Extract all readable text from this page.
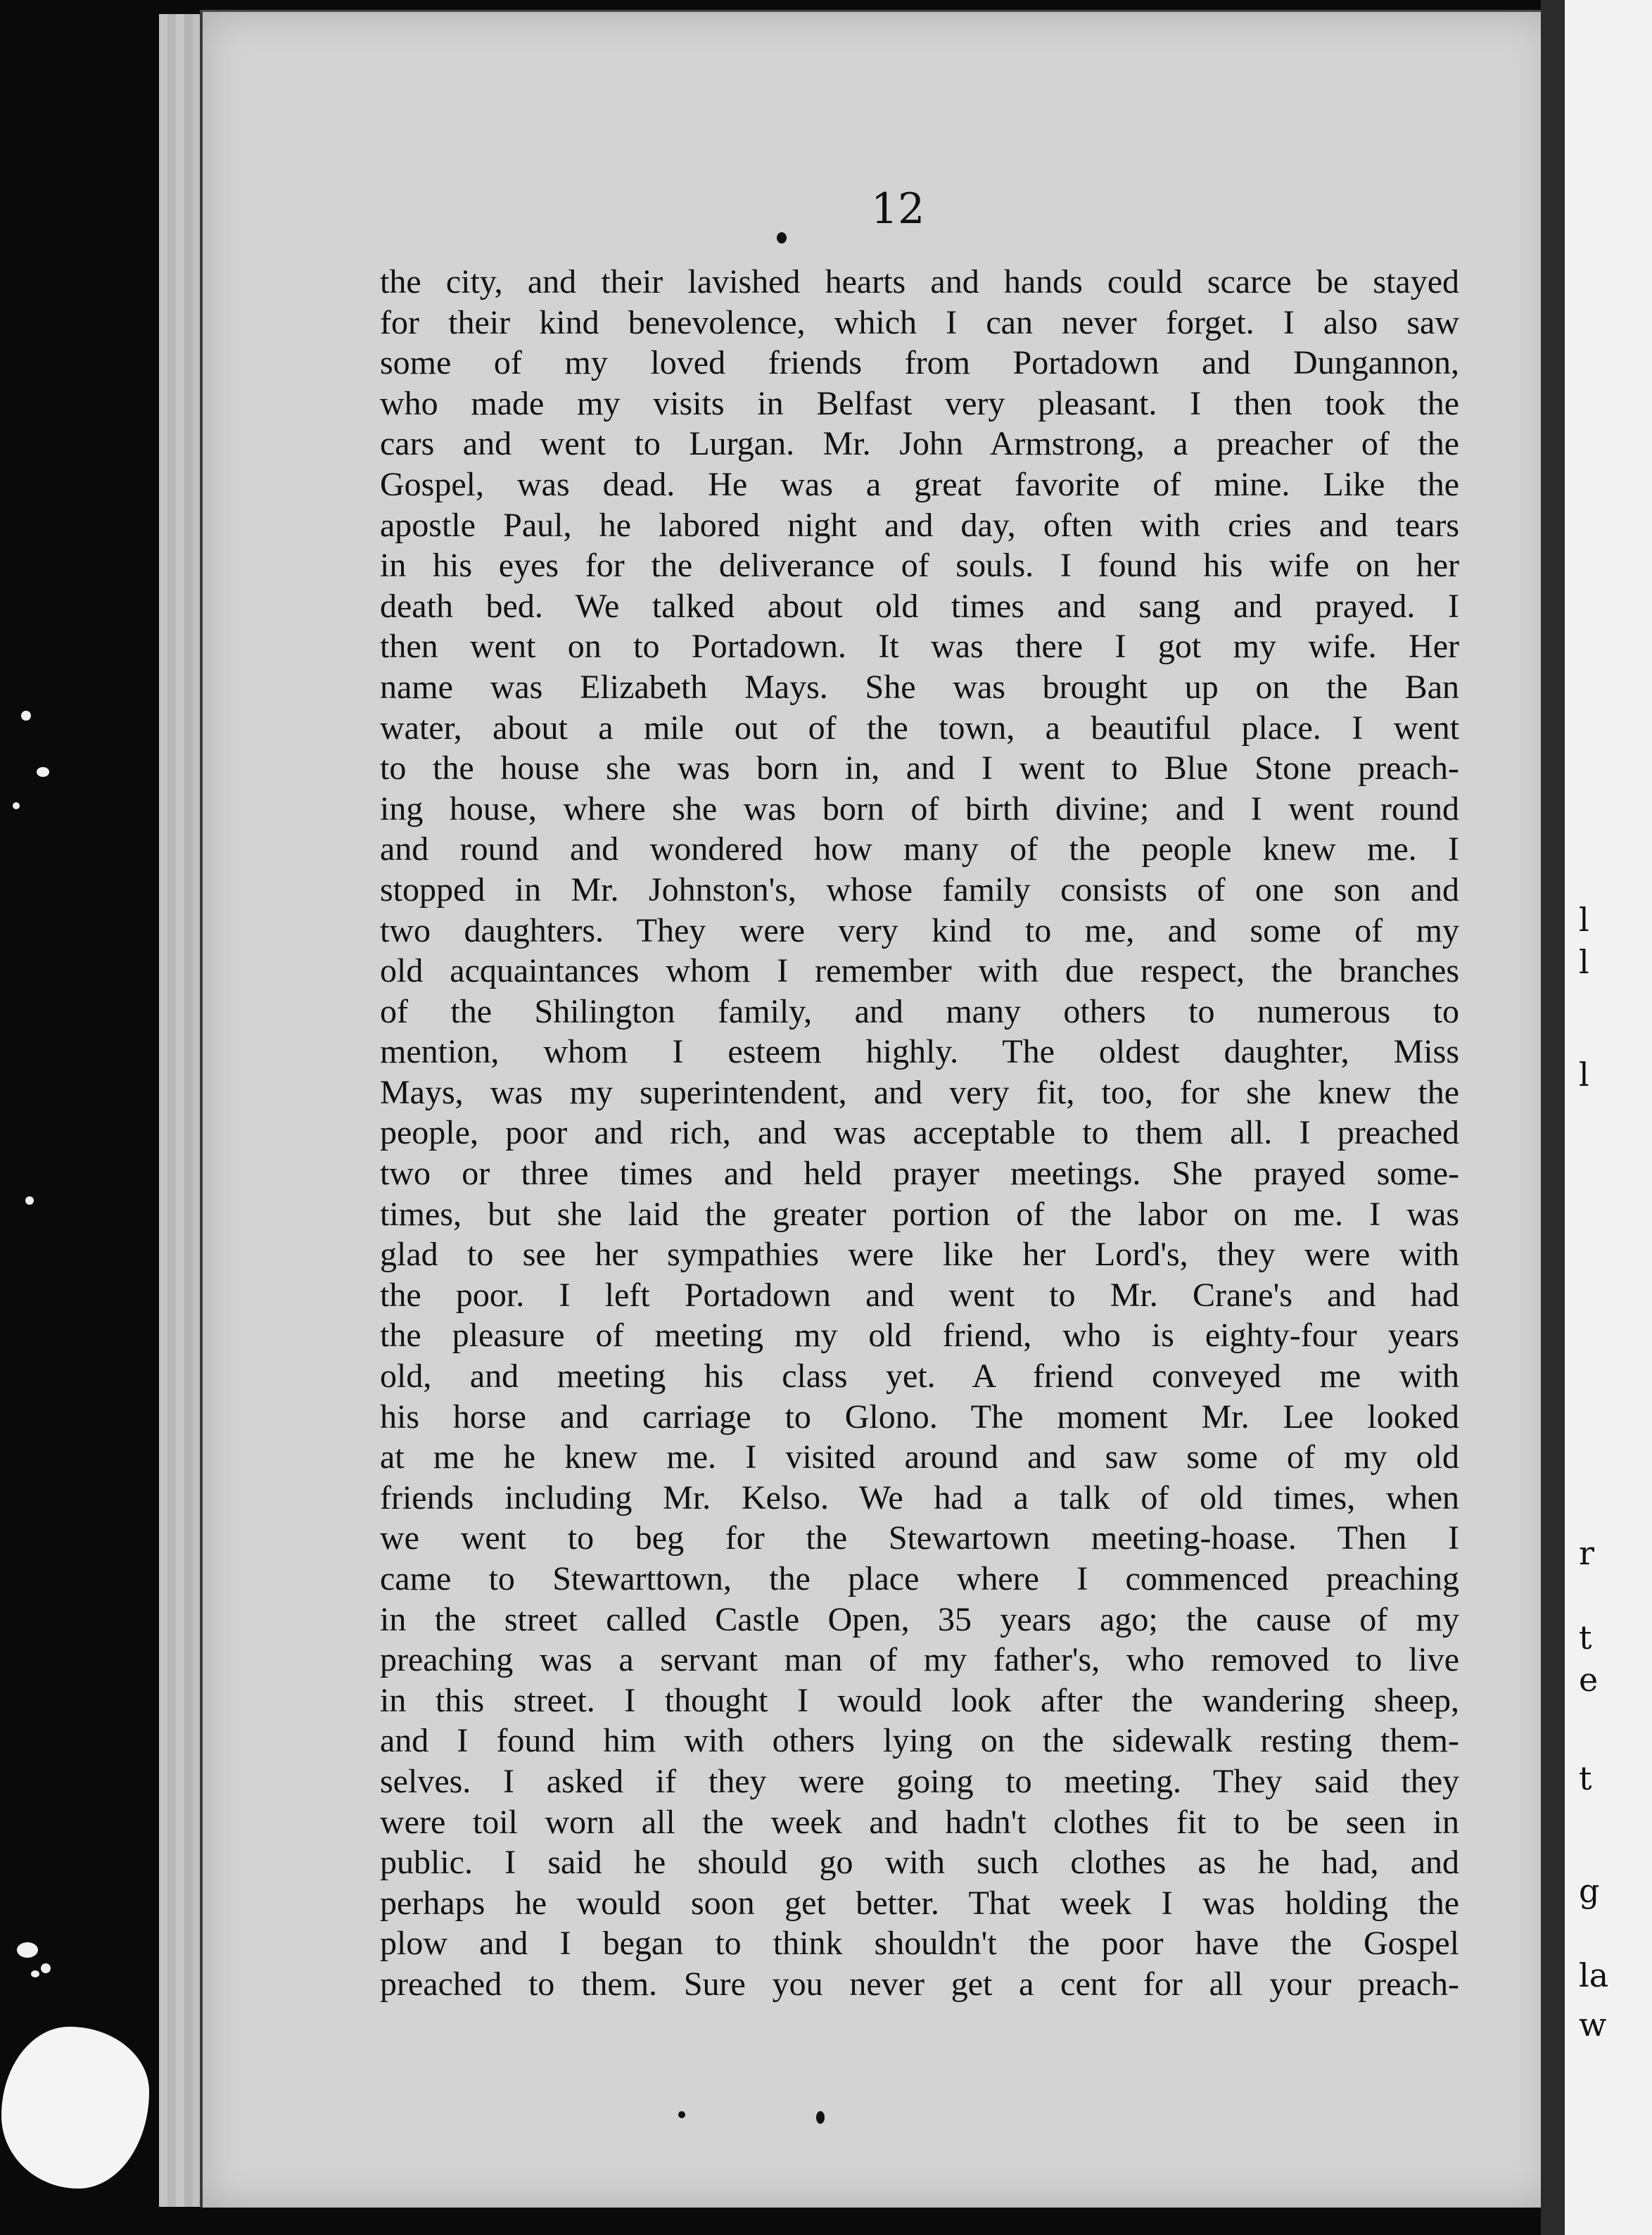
12
the city, and their lavished hearts and hands could scarce be stayed
for their kind benevolence, which I can never forget. I also saw
some of my loved friends from Portadown and Dungannon,
who made my visits in Belfast very pleasant. I then took the
cars and went to Lurgan. Mr. John Armstrong, a preacher of the
Gospel, was dead. He was a great favorite of mine. Like the
apostle Paul, he labored night and day, often with cries and tears
in his eyes for the deliverance of souls. I found his wife on her
death bed. We talked about old times and sang and prayed. I
then went on to Portadown. It was there I got my wife. Her
name was Elizabeth Mays. She was brought up on the Ban
water, about a mile out of the town, a beautiful place. I went
to the house she was born in, and I went to Blue Stone preach-
ing house, where she was born of birth divine; and I went round
and round and wondered how many of the people knew me. I
stopped in Mr. Johnston's, whose family consists of one son and
two daughters. They were very kind to me, and some of my
old acquaintances whom I remember with due respect, the branches
of the Shilington family, and many others to numerous to
mention, whom I esteem highly. The oldest daughter, Miss
Mays, was my superintendent, and very fit, too, for she knew the
people, poor and rich, and was acceptable to them all. I preached
two or three times and held prayer meetings. She prayed some-
times, but she laid the greater portion of the labor on me. I was
glad to see her sympathies were like her Lord's, they were with
the poor. I left Portadown and went to Mr. Crane's and had
the pleasure of meeting my old friend, who is eighty-four years
old, and meeting his class yet. A friend conveyed me with
his horse and carriage to Glono. The moment Mr. Lee looked
at me he knew me. I visited around and saw some of my old
friends including Mr. Kelso. We had a talk of old times, when
we went to beg for the Stewartown meeting-hoase. Then I
came to Stewarttown, the place where I commenced preaching
in the street called Castle Open, 35 years ago; the cause of my
preaching was a servant man of my father's, who removed to live
in this street. I thought I would look after the wandering sheep,
and I found him with others lying on the sidewalk resting them-
selves. I asked if they were going to meeting. They said they
were toil worn all the week and hadn't clothes fit to be seen in
public. I said he should go with such clothes as he had, and
perhaps he would soon get better. That week I was holding the
plow and I began to think shouldn't the poor have the Gospel
preached to them. Sure you never get a cent for all your preach-
l
l
l
r
t
e
t
g
la
w
